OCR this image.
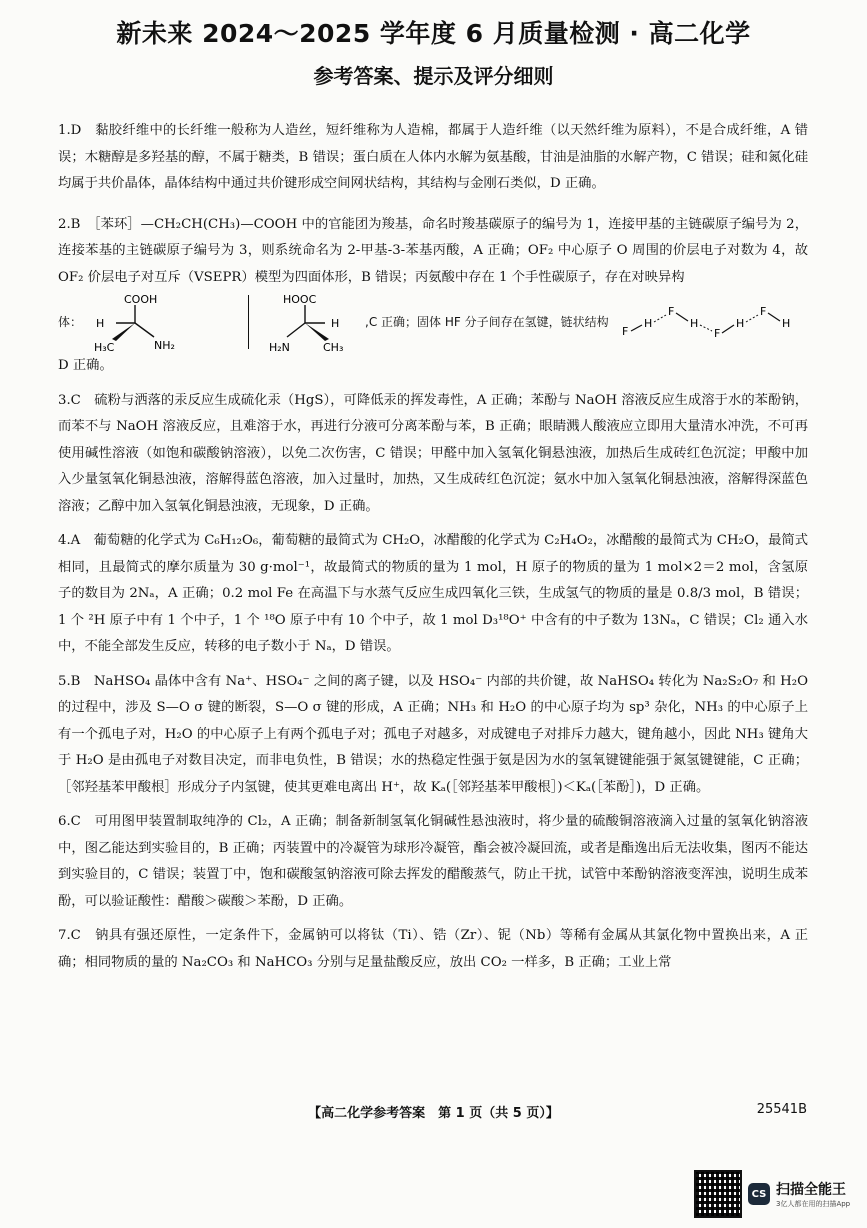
新未来 2024～2025 学年度 6 月质量检测 · 高二化学
参考答案、提示及评分细则

1.D　黏胶纤维中的长纤维一般称为人造丝，短纤维称为人造棉，都属于人造纤维（以天然纤维为原料），不是合成纤维，A 错误；木糖醇是多羟基的醇，不属于糖类，B 错误；蛋白质在人体内水解为氨基酸，甘油是油脂的水解产物，C 错误；硅和氮化硅均属于共价晶体，晶体结构中通过共价键形成空间网状结构，其结构与金刚石类似，D 正确。

2.B　［苯环］—CH₂CH(CH₃)—COOH 中的官能团为羧基，命名时羧基碳原子的编号为 1，连接甲基的主链碳原子编号为 2，连接苯基的主链碳原子编号为 3，则系统命名为 2-甲基-3-苯基丙酸，A 正确；OF₂ 中心原子 O 周围的价层电子对数为 4，故 OF₂ 价层电子对互斥（VSEPR）模型为四面体形，B 错误；丙氨酸中存在 1 个手性碳原子，存在对映异构

体：
COOH
H
H₃C	NH₂
HOOC
H
H₂N	CH₃
,C 正确；固体 HF 分子间存在氢键，链状结构
F
H
F
H
F
H
F
H

D 正确。

3.C　硫粉与洒落的汞反应生成硫化汞（HgS），可降低汞的挥发毒性，A 正确；苯酚与 NaOH 溶液反应生成溶于水的苯酚钠，而苯不与 NaOH 溶液反应，且难溶于水，再进行分液可分离苯酚与苯，B 正确；眼睛溅人酸液应立即用大量清水冲洗，不可再使用碱性溶液（如饱和碳酸钠溶液），以免二次伤害，C 错误；甲醛中加入氢氧化铜悬浊液，加热后生成砖红色沉淀；甲酸中加入少量氢氧化铜悬浊液，溶解得蓝色溶液，加入过量时，加热，又生成砖红色沉淀；氨水中加入氢氧化铜悬浊液，溶解得深蓝色溶液；乙醇中加入氢氧化铜悬浊液，无现象，D 正确。

4.A　葡萄糖的化学式为 C₆H₁₂O₆，葡萄糖的最简式为 CH₂O，冰醋酸的化学式为 C₂H₄O₂，冰醋酸的最简式为 CH₂O，最简式相同，且最简式的摩尔质量为 30 g·mol⁻¹，故最简式的物质的量为 1 mol，H 原子的物质的量为 1 mol×2＝2 mol，含氢原子的数目为 2Nₐ，A 正确；0.2 mol Fe 在高温下与水蒸气反应生成四氧化三铁，生成氢气的物质的量是 0.8/3 mol，B 错误；1 个 ²H 原子中有 1 个中子，1 个 ¹⁸O 原子中有 10 个中子，故 1 mol D₃¹⁸O⁺ 中含有的中子数为 13Nₐ，C 错误；Cl₂ 通入水中，不能全部发生反应，转移的电子数小于 Nₐ，D 错误。

5.B　NaHSO₄ 晶体中含有 Na⁺、HSO₄⁻ 之间的离子键，以及 HSO₄⁻ 内部的共价键，故 NaHSO₄ 转化为 Na₂S₂O₇ 和 H₂O 的过程中，涉及 S—O σ 键的断裂，S—O σ 键的形成，A 正确；NH₃ 和 H₂O 的中心原子均为 sp³ 杂化，NH₃ 的中心原子上有一个孤电子对，H₂O 的中心原子上有两个孤电子对；孤电子对越多，对成键电子对排斥力越大，键角越小，因此 NH₃ 键角大于 H₂O 是由孤电子对数目决定，而非电负性，B 错误；水的热稳定性强于氨是因为水的氢氧键键能强于氮氢键键能，C 正确；［邻羟基苯甲酸根］形成分子内氢键，使其更难电离出 H⁺，故 Kₐ(［邻羟基苯甲酸根］)＜Kₐ(［苯酚］)，D 正确。

6.C　可用图甲装置制取纯净的 Cl₂，A 正确；制备新制氢氧化铜碱性悬浊液时，将少量的硫酸铜溶液滴入过量的氢氧化钠溶液中，图乙能达到实验目的，B 正确；丙装置中的冷凝管为球形冷凝管，酯会被冷凝回流，或者是酯逸出后无法收集，图丙不能达到实验目的，C 错误；装置丁中，饱和碳酸氢钠溶液可除去挥发的醋酸蒸气，防止干扰，试管中苯酚钠溶液变浑浊，说明生成苯酚，可以验证酸性：醋酸＞碳酸＞苯酚，D 正确。

7.C　钠具有强还原性，一定条件下，金属钠可以将钛（Ti）、锆（Zr）、铌（Nb）等稀有金属从其氯化物中置换出来，A 正确；相同物质的量的 Na₂CO₃ 和 NaHCO₃ 分别与足量盐酸反应，放出 CO₂ 一样多，B 正确；工业上常

【高二化学参考答案　第 1 页（共 5 页）】	25541B
CS 扫描全能王
3亿人都在用的扫描App
